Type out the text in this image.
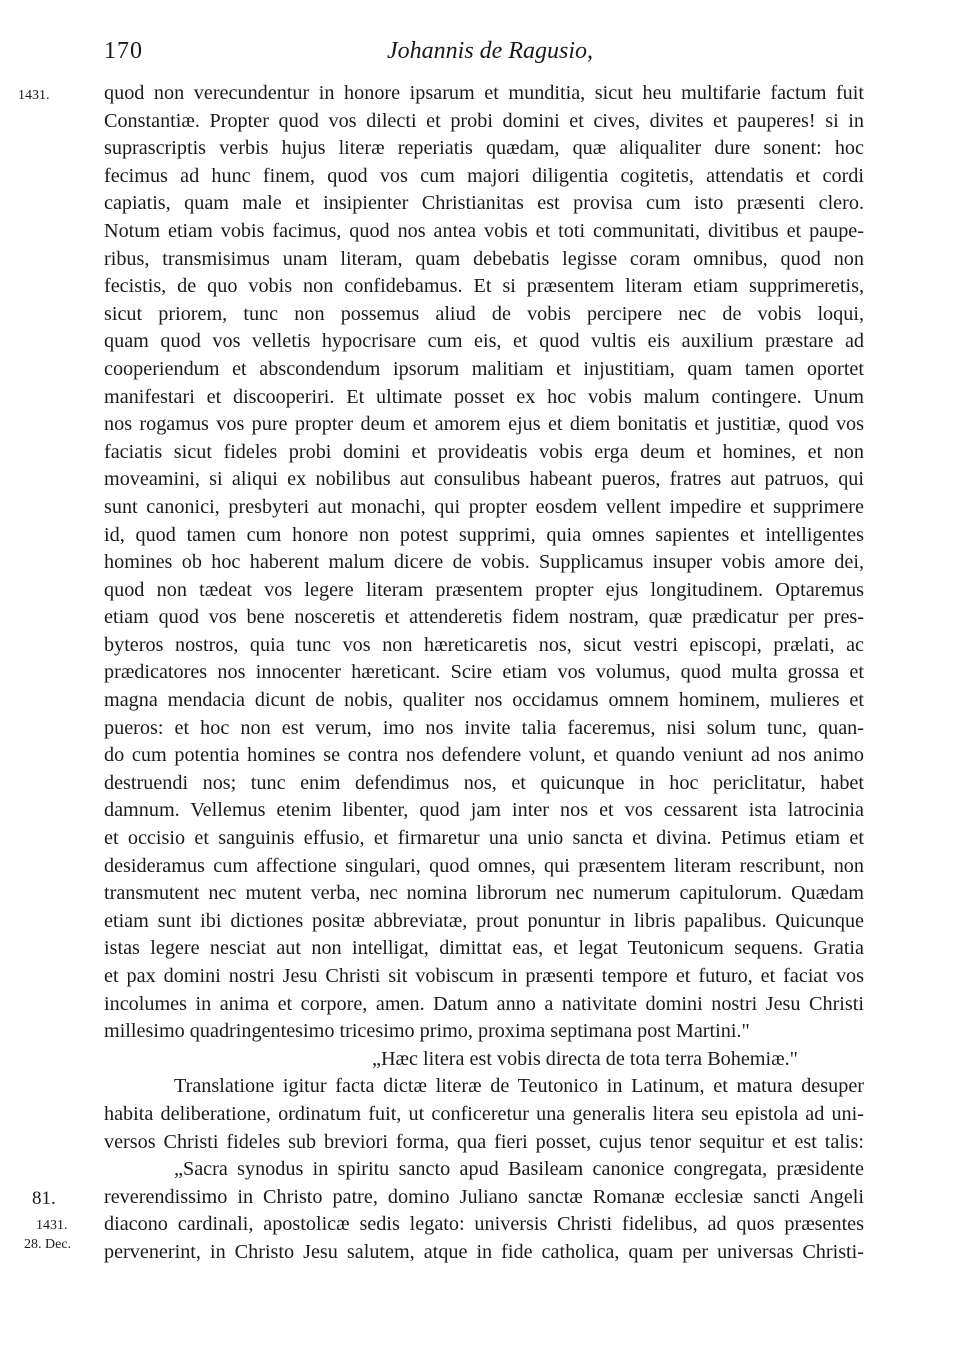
170	Johannis de Ragusio,
1431.
81.
1431.
28. Dec.
quod non verecundentur in honore ipsarum et munditia, sicut heu multifarie factum fuit
Constantiæ. Propter quod vos dilecti et probi domini et cives, divites et pauperes! si in
suprascriptis verbis hujus literæ reperiatis quædam, quæ aliqualiter dure sonent: hoc
fecimus ad hunc finem, quod vos cum majori diligentia cogitetis, attendatis et cordi
capiatis, quam male et insipienter Christianitas est provisa cum isto præsenti clero.
Notum etiam vobis facimus, quod nos antea vobis et toti communitati, divitibus et paupe-
ribus, transmisimus unam literam, quam debebatis legisse coram omnibus, quod non
fecistis, de quo vobis non confidebamus. Et si præsentem literam etiam supprimeretis,
sicut priorem, tunc non possemus aliud de vobis percipere nec de vobis loqui,
quam quod vos velletis hypocrisare cum eis, et quod vultis eis auxilium præstare ad
cooperiendum et abscondendum ipsorum malitiam et injustitiam, quam tamen oportet
manifestari et discooperiri. Et ultimate posset ex hoc vobis malum contingere. Unum
nos rogamus vos pure propter deum et amorem ejus et diem bonitatis et justitiæ, quod vos
faciatis sicut fideles probi domini et provideatis vobis erga deum et homines, et non
moveamini, si aliqui ex nobilibus aut consulibus habeant pueros, fratres aut patruos, qui
sunt canonici, presbyteri aut monachi, qui propter eosdem vellent impedire et supprimere
id, quod tamen cum honore non potest supprimi, quia omnes sapientes et intelligentes
homines ob hoc haberent malum dicere de vobis. Supplicamus insuper vobis amore dei,
quod non tædeat vos legere literam præsentem propter ejus longitudinem. Optaremus
etiam quod vos bene nosceretis et attenderetis fidem nostram, quæ prædicatur per pres-
byteros nostros, quia tunc vos non hæreticaretis nos, sicut vestri episcopi, prælati, ac
prædicatores nos innocenter hæreticant. Scire etiam vos volumus, quod multa grossa et
magna mendacia dicunt de nobis, qualiter nos occidamus omnem hominem, mulieres et
pueros: et hoc non est verum, imo nos invite talia faceremus, nisi solum tunc, quan-
do cum potentia homines se contra nos defendere volunt, et quando veniunt ad nos animo
destruendi nos; tunc enim defendimus nos, et quicunque in hoc periclitatur, habet
damnum. Vellemus etenim libenter, quod jam inter nos et vos cessarent ista latrocinia
et occisio et sanguinis effusio, et firmaretur una unio sancta et divina. Petimus etiam et
desideramus cum affectione singulari, quod omnes, qui præsentem literam rescribunt, non
transmutent nec mutent verba, nec nomina librorum nec numerum capitulorum. Quædam
etiam sunt ibi dictiones positæ abbreviatæ, prout ponuntur in libris papalibus. Quicunque
istas legere nesciat aut non intelligat, dimittat eas, et legat Teutonicum sequens. Gratia
et pax domini nostri Jesu Christi sit vobiscum in præsenti tempore et futuro, et faciat vos
incolumes in anima et corpore, amen. Datum anno a nativitate domini nostri Jesu Christi
millesimo quadringentesimo tricesimo primo, proxima septimana post Martini."
„Hæc litera est vobis directa de tota terra Bohemiæ."
Translatione igitur facta dictæ literæ de Teutonico in Latinum, et matura desuper
habita deliberatione, ordinatum fuit, ut conficeretur una generalis litera seu epistola ad uni-
versos Christi fideles sub breviori forma, qua fieri posset, cujus tenor sequitur et est talis:
„Sacra synodus in spiritu sancto apud Basileam canonice congregata, præsidente
reverendissimo in Christo patre, domino Juliano sanctæ Romanæ ecclesiæ sancti Angeli
diacono cardinali, apostolicæ sedis legato: universis Christi fidelibus, ad quos præsentes
pervenerint, in Christo Jesu salutem, atque in fide catholica, quam per universas Christi-
